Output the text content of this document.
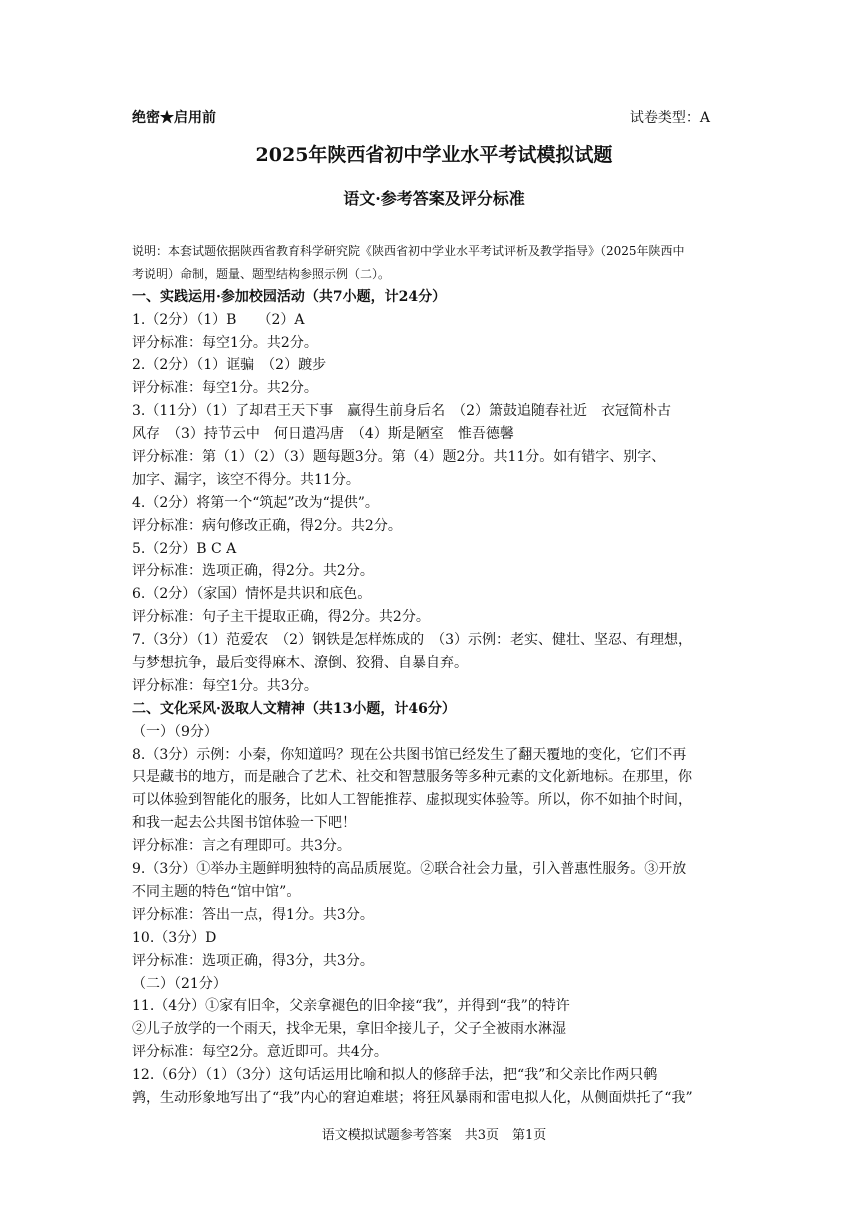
绝密★启用前	试卷类型：A
2025年陕西省初中学业水平考试模拟试题
语文·参考答案及评分标准
说明：本套试题依据陕西省教育科学研究院《陕西省初中学业水平考试评析及教学指导》（2025年陕西中
考说明）命制，题量、题型结构参照示例（二）。
一、实践运用·参加校园活动（共7小题，计24分）
1.（2分）（1）B　　（2）A
评分标准：每空1分。共2分。
2.（2分）（1）诓骗　（2）踱步
评分标准：每空1分。共2分。
3.（11分）（1）了却君王天下事　赢得生前身后名　（2）箫鼓追随春社近　衣冠简朴古
风存　（3）持节云中　何日遣冯唐　（4）斯是陋室　惟吾德馨
评分标准：第（1）（2）（3）题每题3分。第（4）题2分。共11分。如有错字、别字、
加字、漏字，该空不得分。共11分。
4.（2分）将第一个“筑起”改为“提供”。
评分标准：病句修改正确，得2分。共2分。
5.（2分）B C A
评分标准：选项正确，得2分。共2分。
6.（2分）（家国）情怀是共识和底色。
评分标准：句子主干提取正确，得2分。共2分。
7.（3分）（1）范爱农　（2）钢铁是怎样炼成的　（3）示例：老实、健壮、坚忍、有理想，
与梦想抗争，最后变得麻木、潦倒、狡猾、自暴自弃。
评分标准：每空1分。共3分。
二、文化采风·汲取人文精神（共13小题，计46分）
（一）（9分）
8.（3分）示例：小秦，你知道吗？现在公共图书馆已经发生了翻天覆地的变化，它们不再
只是藏书的地方，而是融合了艺术、社交和智慧服务等多种元素的文化新地标。在那里，你
可以体验到智能化的服务，比如人工智能推荐、虚拟现实体验等。所以，你不如抽个时间，
和我一起去公共图书馆体验一下吧！
评分标准：言之有理即可。共3分。
9.（3分）①举办主题鲜明独特的高品质展览。②联合社会力量，引入普惠性服务。③开放
不同主题的特色“馆中馆”。
评分标准：答出一点，得1分。共3分。
10.（3分）D
评分标准：选项正确，得3分，共3分。
（二）（21分）
11.（4分）①家有旧伞，父亲拿褪色的旧伞接“我”，并得到“我”的特许
②儿子放学的一个雨天，找伞无果，拿旧伞接儿子，父子全被雨水淋湿
评分标准：每空2分。意近即可。共4分。
12.（6分）（1）（3分）这句话运用比喻和拟人的修辞手法，把“我”和父亲比作两只鹌
鹑，生动形象地写出了“我”内心的窘迫难堪；将狂风暴雨和雷电拟人化，从侧面烘托了“我”
语文模拟试题参考答案　共3页　第1页
